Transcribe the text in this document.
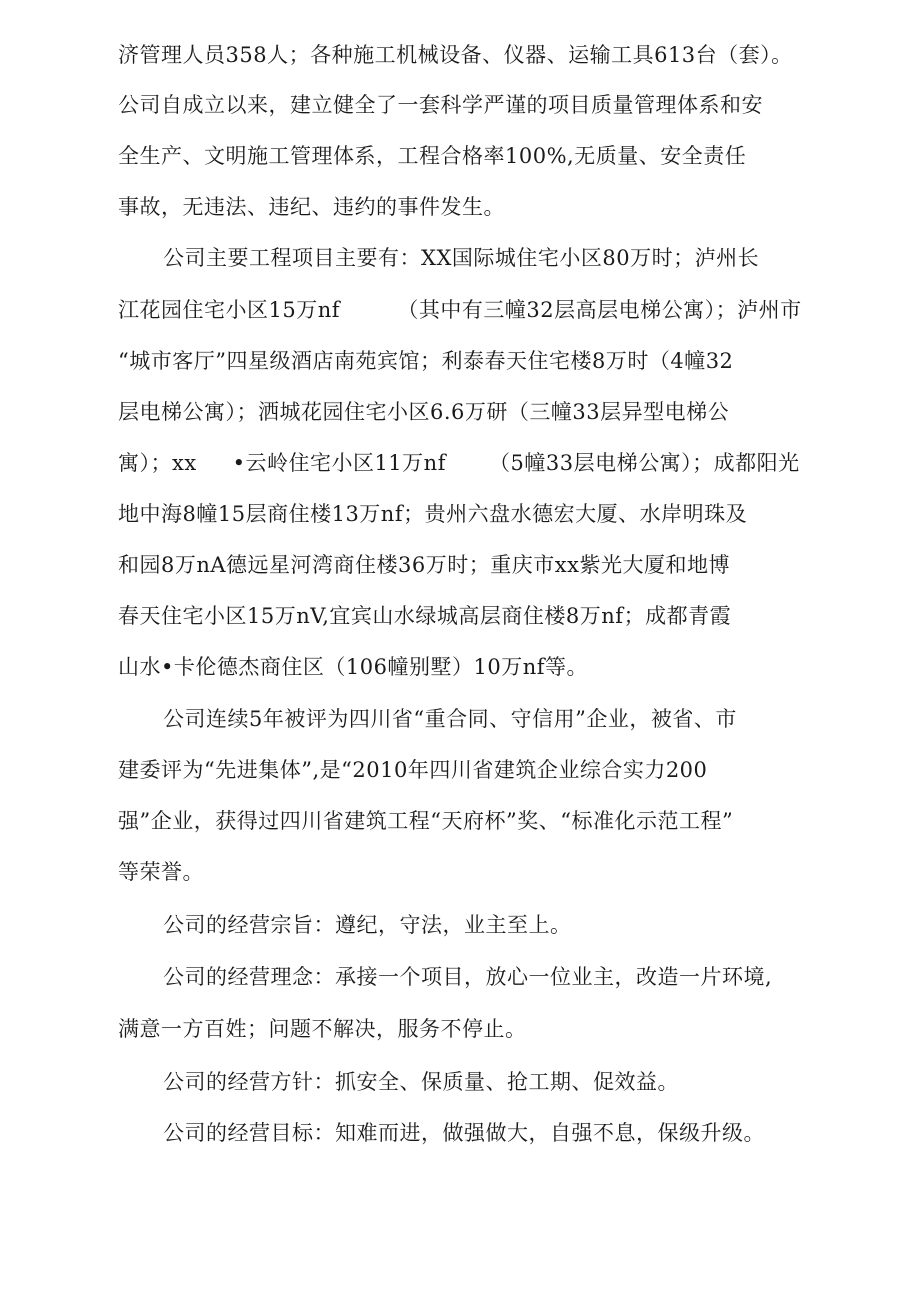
济管理人员358人；各种施工机械设备、仪器、运输工具613台（套）。
公司自成立以来，建立健全了一套科学严谨的项目质量管理体系和安
全生产、文明施工管理体系，工程合格率100%,无质量、安全责任
事故，无违法、违纪、违约的事件发生。
公司主要工程项目主要有：XX国际城住宅小区80万时；泸州长
江花园住宅小区15万nf        （其中有三幢32层高层电梯公寓）；泸州市
“城市客厅”四星级酒店南苑宾馆；利泰春天住宅楼8万时（4幢32
层电梯公寓）；洒城花园住宅小区6.6万研（三幢33层异型电梯公
寓）；xx     •云岭住宅小区11万nf      （5幢33层电梯公寓）；成都阳光
地中海8幢15层商住楼13万nf；贵州六盘水德宏大厦、水岸明珠及
和园8万nA德远星河湾商住楼36万时；重庆市xx紫光大厦和地博
春天住宅小区15万nV,宜宾山水绿城高层商住楼8万nf；成都青霞
山水•卡伦德杰商住区（106幢别墅）10万nf等。
公司连续5年被评为四川省“重合同、守信用”企业，被省、市
建委评为“先进集体”,是“2010年四川省建筑企业综合实力200
强”企业，获得过四川省建筑工程“天府杯”奖、“标准化示范工程”
等荣誉。
公司的经营宗旨：遵纪，守法，业主至上。
公司的经营理念：承接一个项目，放心一位业主，改造一片环境,
满意一方百姓；问题不解决，服务不停止。
公司的经营方针：抓安全、保质量、抢工期、促效益。
公司的经营目标：知难而进，做强做大，自强不息，保级升级。
